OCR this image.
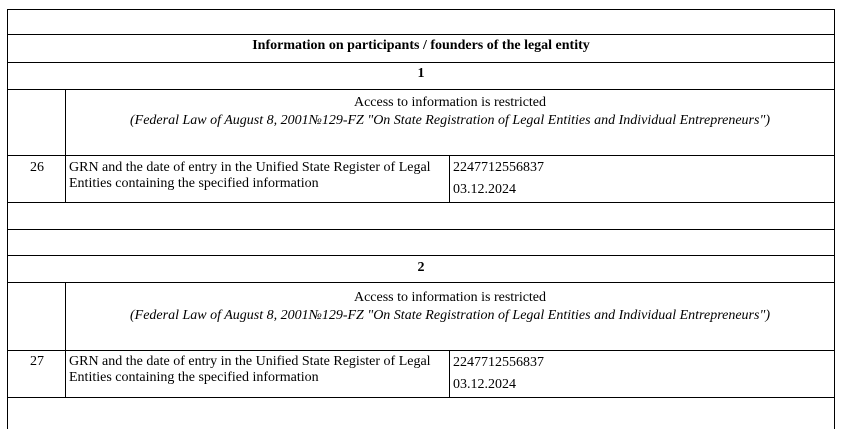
Information on participants / founders of the legal entity
1
Access to information is restricted
(Federal Law of August 8, 2001№129-FZ "On State Registration of Legal Entities and Individual Entrepreneurs")
26	GRN and the date of entry in the Unified State Register of Legal Entities containing the specified information
2247712556837
03.12.2024
2
Access to information is restricted
(Federal Law of August 8, 2001№129-FZ "On State Registration of Legal Entities and Individual Entrepreneurs")
27	GRN and the date of entry in the Unified State Register of Legal Entities containing the specified information
2247712556837
03.12.2024
